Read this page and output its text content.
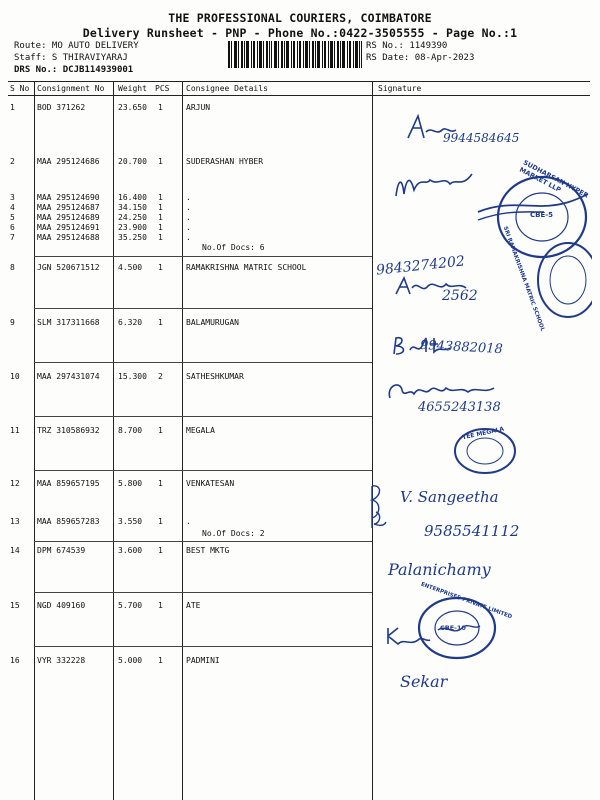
THE PROFESSIONAL COURIERS, COIMBATORE
Delivery Runsheet - PNP - Phone No.:0422-3505555 - Page No.:1
Route: MO AUTO DELIVERY
Staff: S THIRAVIYARAJ
DRS No.: DCJB114939001
RS No.: 1149390
RS Date: 08-Apr-2023
S No Consignment No Weight PCS Consignee Details	Signature
1	BOD 371262	23.650 1	ARJUN
2	MAA 295124686 20.700 1	SUDERASHAN HYBER
3	MAA 295124690 16.400 1	.
4	MAA 295124687 34.150 1	.
5	MAA 295124689 24.250 1	.
6	MAA 295124691 23.900 1	.
7	MAA 295124688 35.250 1	.
No.Of Docs: 6
8	JGN 520671512 4.500 1	RAMAKRISHNA MATRIC SCHOOL
9	SLM 317311668 6.320 1	BALAMURUGAN
10 MAA 297431074 15.300 2	SATHESHKUMAR
11 TRZ 310586932 8.700 1	MEGALA
12 MAA 859657195 5.800 1	VENKATESAN
13 MAA 859657283 3.550 1	.
No.Of Docs: 2
14 DPM 674539	3.600 1	BEST MKTG
15 NGD 409160	5.700 1	ATE
16 VYR 332228	5.000 1	PADMINI
9944584645
9843274202
2562
9943882018
4655243138
V. Sangeetha
9585541112
Palanichamy
Sekar
SUDHARSAN HYPER MARKET LLP
CBE-5
SRI RAMAKRISHNA MATRIC SCHOOL
TEE MEGALA
ENTERPRISES PRIVATE LIMITED
CBE-10
